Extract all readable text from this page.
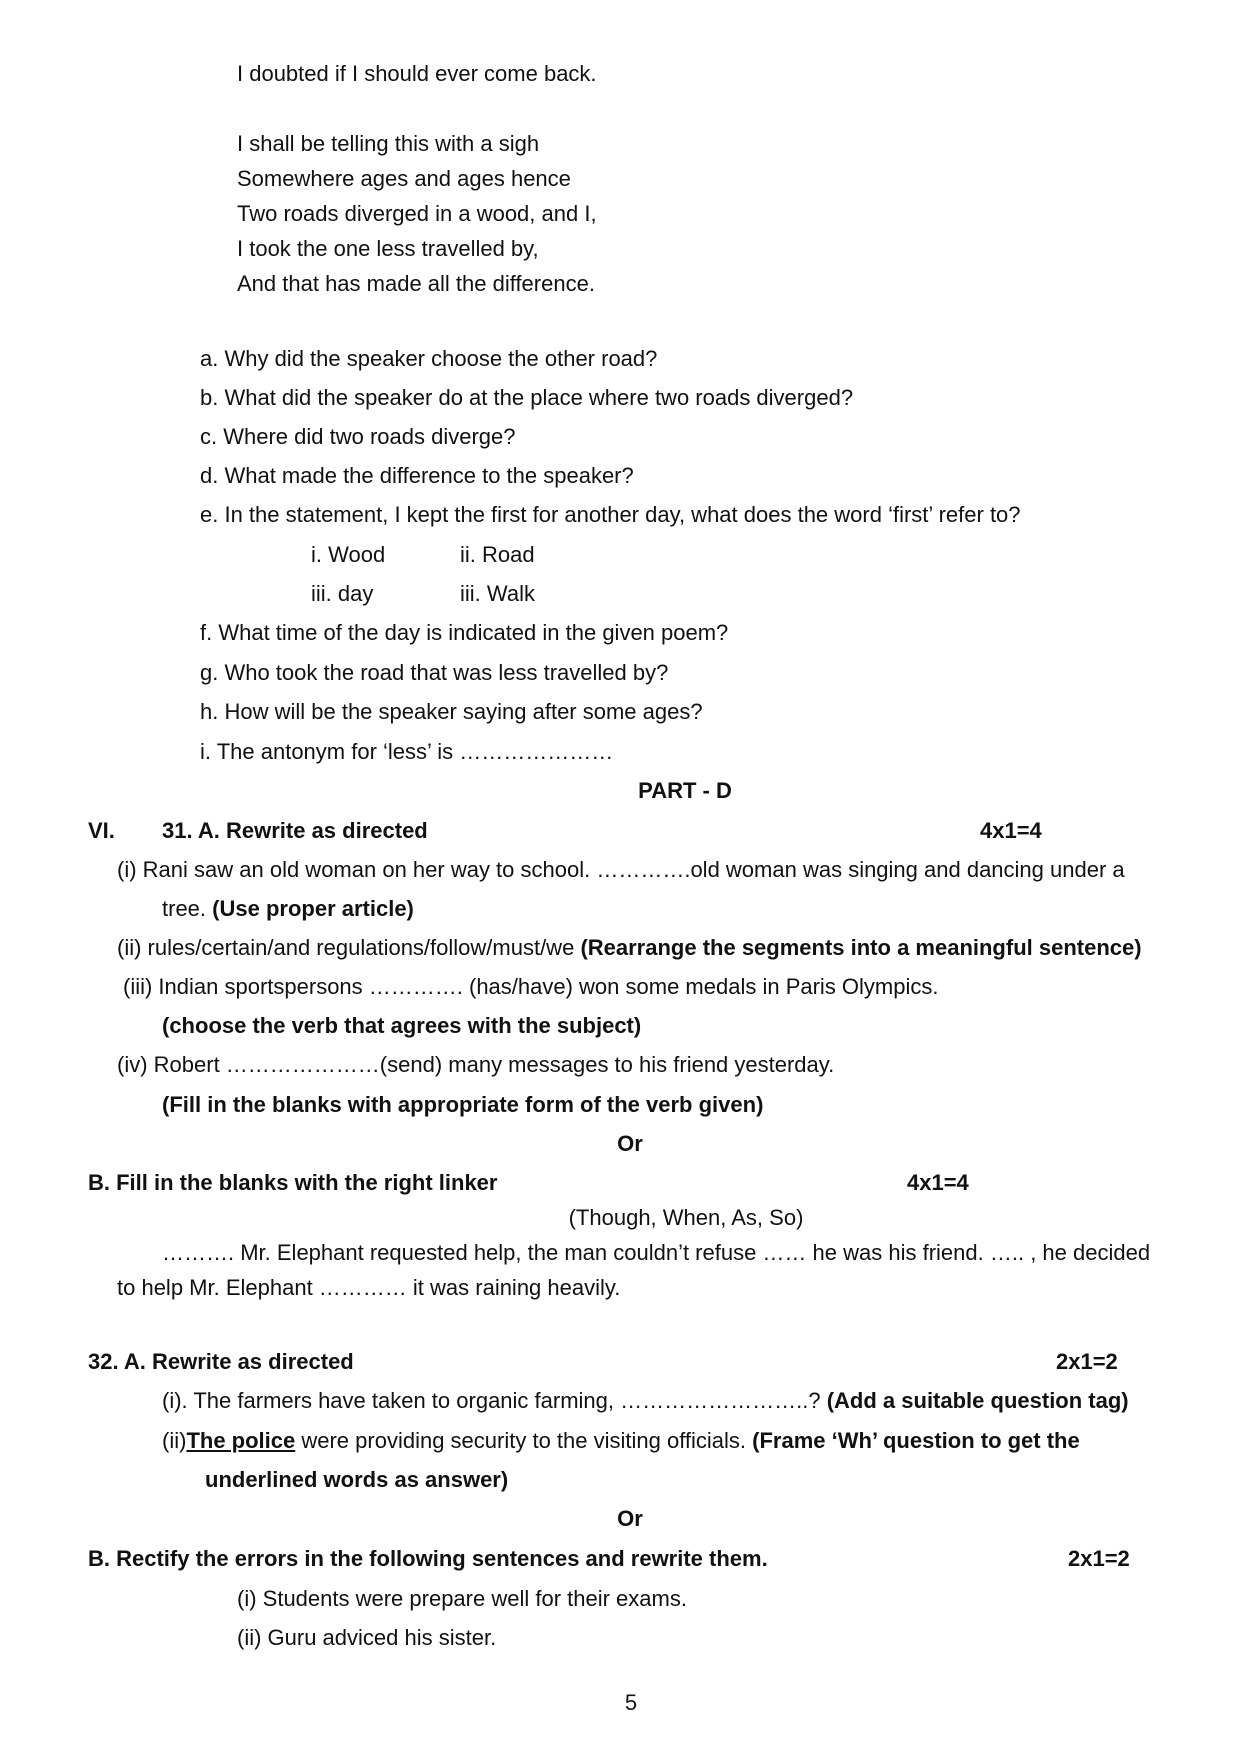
I doubted if I should ever come back.
I shall be telling this with a sigh
Somewhere ages and ages hence
Two roads diverged in a wood, and I,
I took the one less travelled by,
And that has made all the difference.
a. Why did the speaker choose the other road?
b. What did the speaker do at the place where two roads diverged?
c. Where did two roads diverge?
d. What made the difference to the speaker?
e. In the statement, I kept the first for another day, what does the word ‘first’ refer to?
i. Wood	ii. Road
iii. day	iii. Walk
f. What time of the day is indicated in the given poem?
g. Who took the road that was less travelled by?
h. How will be the speaker saying after some ages?
i. The antonym for ‘less’ is …………………
PART - D
VI. 31. A. Rewrite as directed	4x1=4
(i) Rani saw an old woman on her way to school. ………….old woman was singing and dancing under a
tree. (Use proper article)
(ii) rules/certain/and regulations/follow/must/we (Rearrange the segments into a meaningful sentence)
(iii) Indian sportspersons …………. (has/have) won some medals in Paris Olympics.
(choose the verb that agrees with the subject)
(iv) Robert …………………(send) many messages to his friend yesterday.
(Fill in the blanks with appropriate form of the verb given)
Or
B. Fill in the blanks with the right linker	4x1=4
(Though, When, As, So)
………. Mr. Elephant requested help, the man couldn’t refuse …… he was his friend. ….. , he decided
to help Mr. Elephant ………… it was raining heavily.
32. A. Rewrite as directed	2x1=2
(i). The farmers have taken to organic farming, ……………………..? (Add a suitable question tag)
(ii)The police were providing security to the visiting officials. (Frame ‘Wh’ question to get the
underlined words as answer)
Or
B. Rectify the errors in the following sentences and rewrite them.	2x1=2
(i) Students were prepare well for their exams.
(ii) Guru adviced his sister.
5
